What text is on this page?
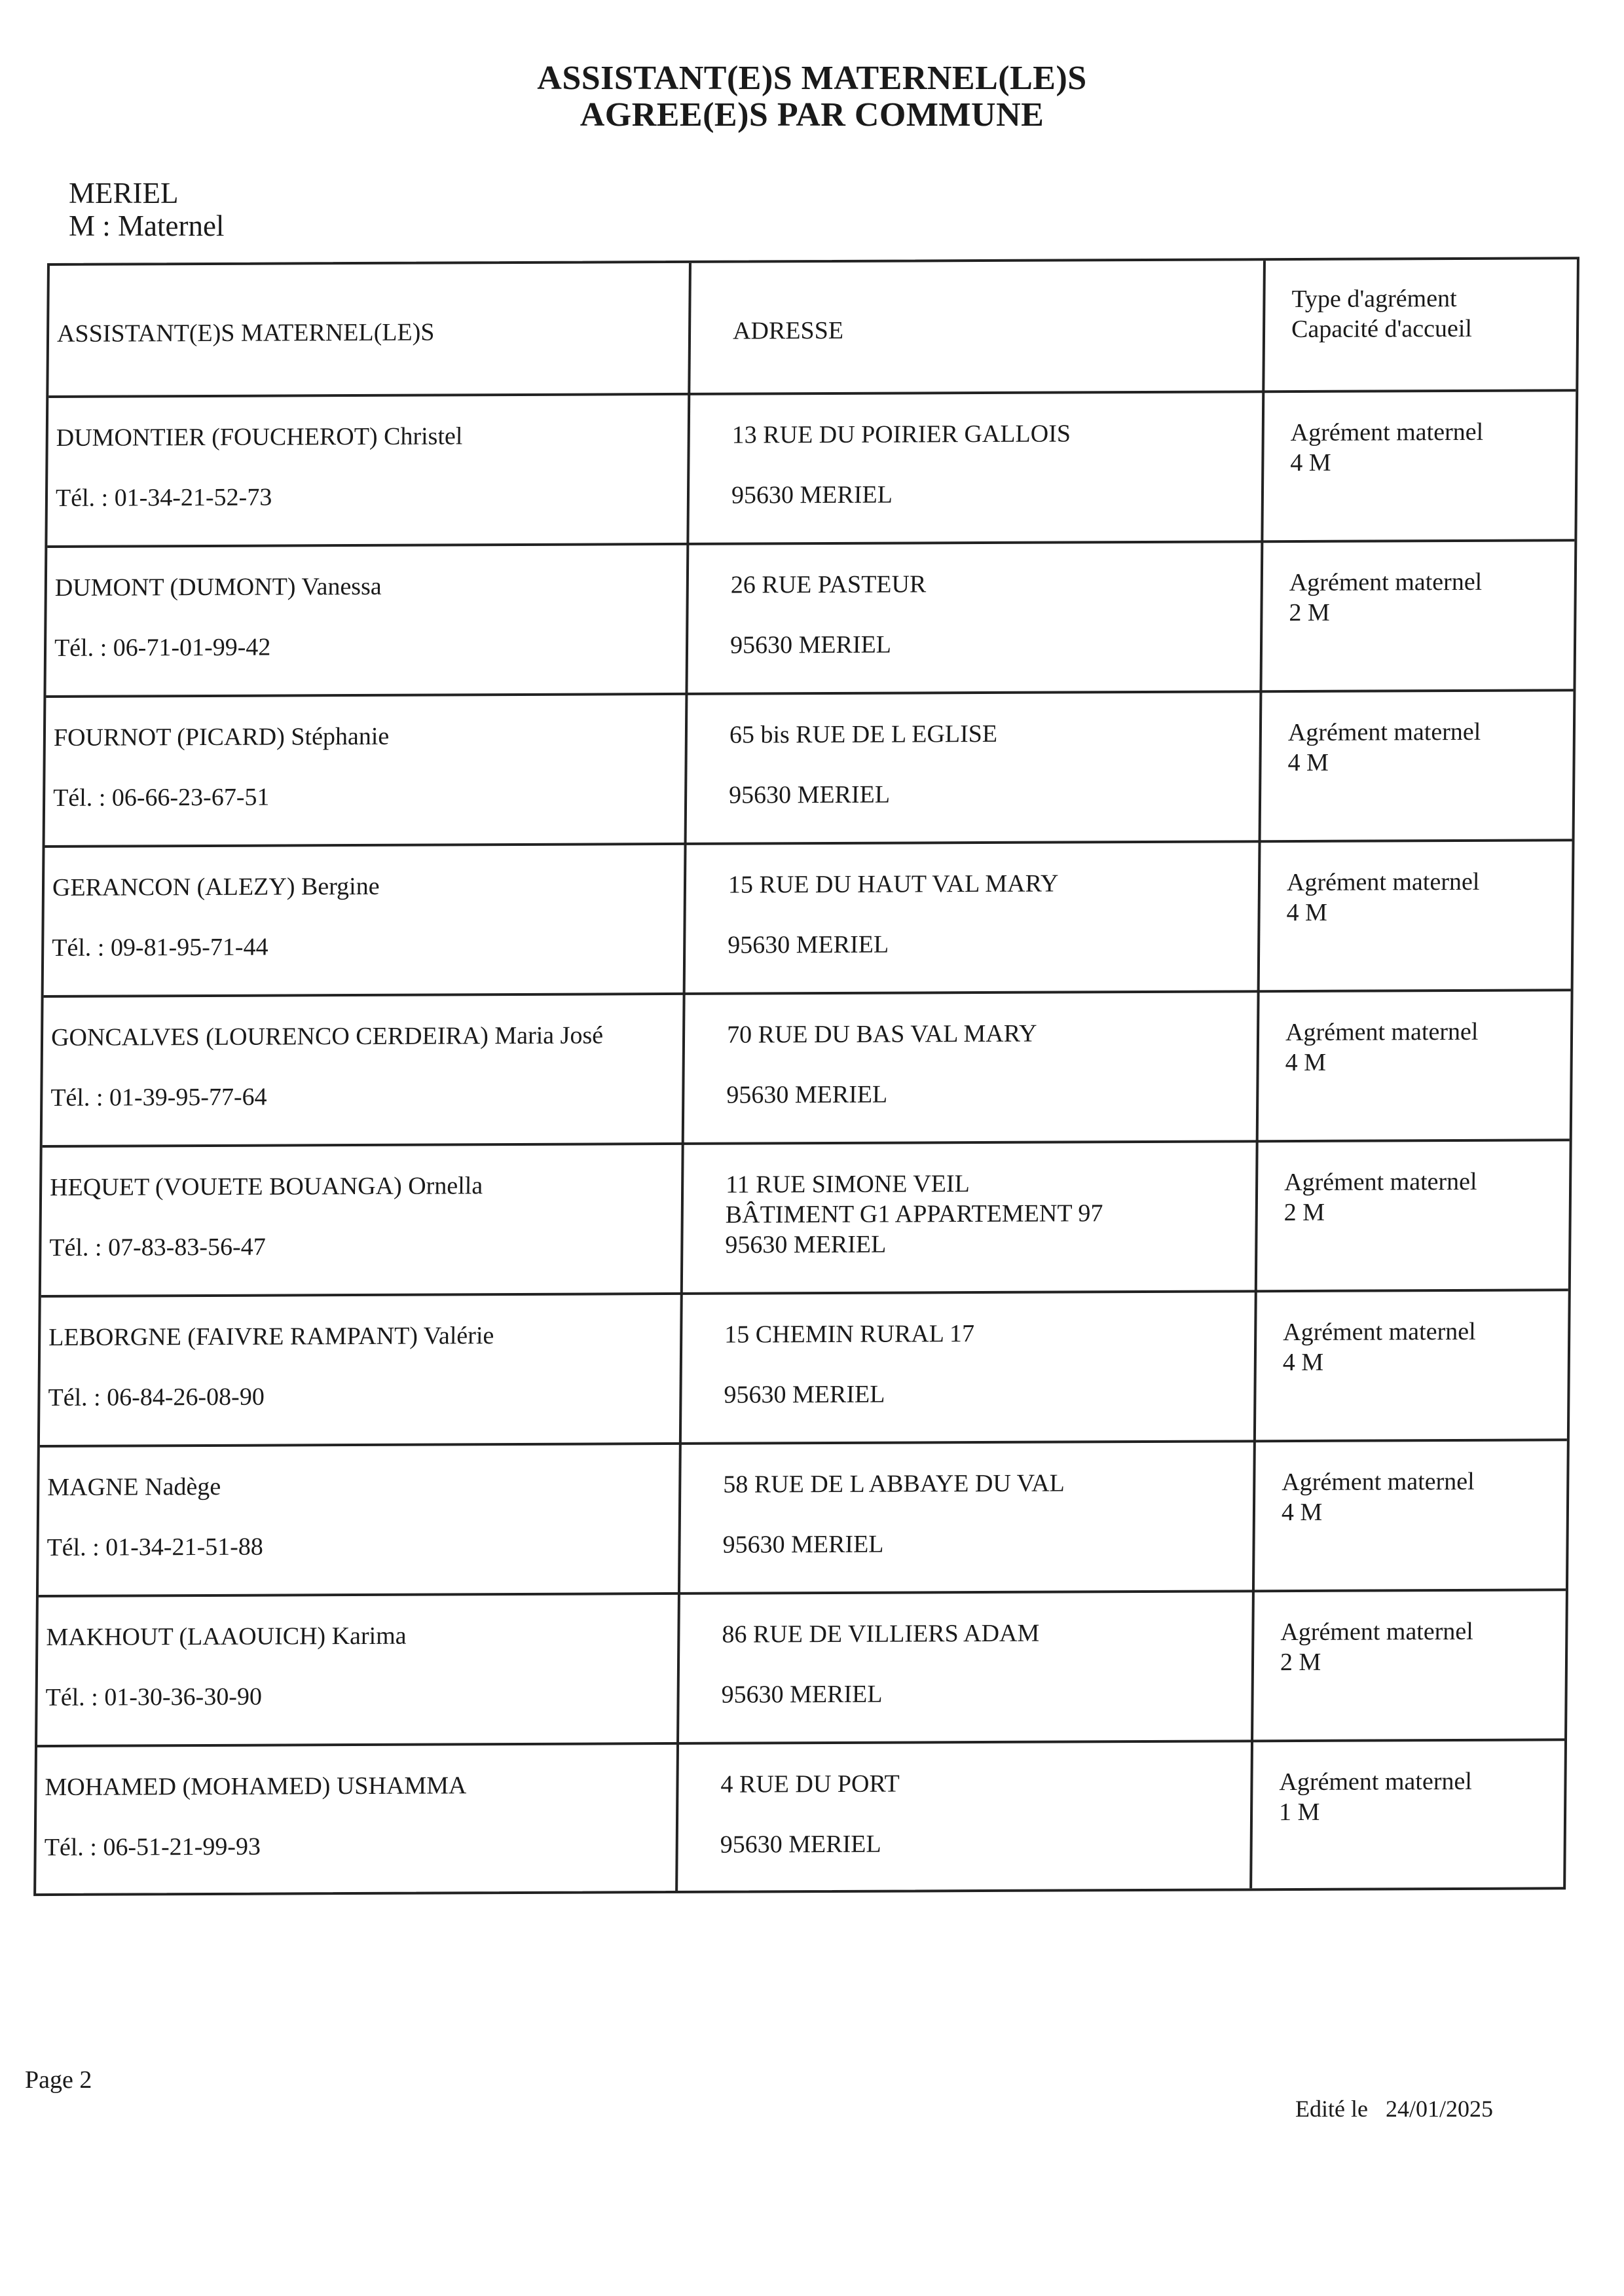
ASSISTANT(E)S MATERNEL(LE)S
AGREE(E)S PAR COMMUNE
MERIEL
M : Maternel
ASSISTANT(E)S MATERNEL(LE)S	ADRESSE
Type d'agrément
Capacité d'accueil
DUMONTIER (FOUCHEROT) Christel
Tél. : 01-34-21-52-73
13 RUE DU POIRIER GALLOIS
95630 MERIEL
Agrément maternel
4 M
DUMONT (DUMONT) Vanessa
Tél. : 06-71-01-99-42
26 RUE PASTEUR
95630 MERIEL
Agrément maternel
2 M
FOURNOT (PICARD) Stéphanie
Tél. : 06-66-23-67-51
65 bis RUE DE L EGLISE
95630 MERIEL
Agrément maternel
4 M
GERANCON (ALEZY) Bergine
Tél. : 09-81-95-71-44
15 RUE DU HAUT VAL MARY
95630 MERIEL
Agrément maternel
4 M
GONCALVES (LOURENCO CERDEIRA) Maria José
Tél. : 01-39-95-77-64
70 RUE DU BAS VAL MARY
95630 MERIEL
Agrément maternel
4 M
HEQUET (VOUETE BOUANGA) Ornella
Tél. : 07-83-83-56-47
11 RUE SIMONE VEIL
BÂTIMENT G1 APPARTEMENT 97
95630 MERIEL
Agrément maternel
2 M
LEBORGNE (FAIVRE RAMPANT) Valérie
Tél. : 06-84-26-08-90
15 CHEMIN RURAL 17
95630 MERIEL
Agrément maternel
4 M
MAGNE Nadège
Tél. : 01-34-21-51-88
58 RUE DE L ABBAYE DU VAL
95630 MERIEL
Agrément maternel
4 M
MAKHOUT (LAAOUICH) Karima
Tél. : 01-30-36-30-90
86 RUE DE VILLIERS ADAM
95630 MERIEL
Agrément maternel
2 M
MOHAMED (MOHAMED) USHAMMA
Tél. : 06-51-21-99-93
4 RUE DU PORT
95630 MERIEL
Agrément maternel
1 M
Page 2
Edité le 24/01/2025
